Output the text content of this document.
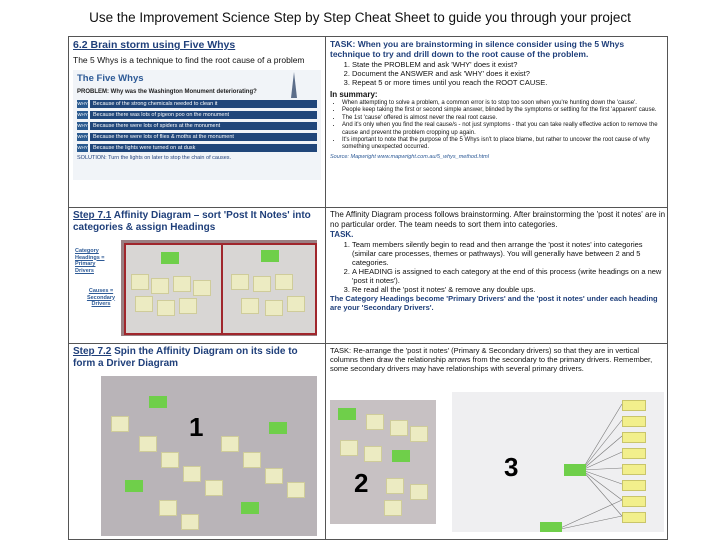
Use the Improvement Science Step by Step Cheat Sheet to guide you through your project
6.2 Brain storm using Five Whys
The 5 Whys is a technique to find the root cause of a problem
The Five Whys
PROBLEM: Why was the Washington Monument deteriorating?
WHY Because of the strong chemicals needed to clean it
WHY Because there was lots of pigeon poo on the monument
WHY Because there were lots of spiders at the monument
WHY Because there were lots of flies & moths at the monument
WHY Because the lights were turned on at dusk
SOLUTION: Turn the lights on later to stop the chain of causes.
TASK: When you are brainstorming in silence consider using the 5 Whys technique to try and drill down to the root cause of the problem.
1. State the PROBLEM and ask 'WHY' does it exist?
2. Document the ANSWER and ask 'WHY' does it exist?
3. Repeat 5 or more times until you reach the ROOT CAUSE.
In summary:
• When attempting to solve a problem, a common error is to stop too soon when you're hunting down the 'cause'.
• People keep taking the first or second simple answer, blinded by the symptoms or settling for the first 'apparent' cause.
• The 1st 'cause' offered is almost never the real root cause.
• And it's only when you find the real cause/s - not just symptoms - that you can take really effective action to remove the cause and prevent the problem cropping up again.
• It's important to note that the purpose of the 5 Whys isn't to place blame, but rather to uncover the root cause of why something unexpected occurred.
Source: Mapwright www.mapwright.com.au/5_whys_method.html
Step 7.1 Affinity Diagram – sort 'Post It Notes' into categories & assign Headings
Category Headings = Primary Drivers
Causes = Secondary Drivers
The Affinity Diagram process follows brainstorming. After brainstorming the 'post it notes' are in no particular order. The team needs to sort them into categories.
TASK.
1. Team members silently begin to read and then arrange the 'post it notes' into categories (similar care processes, themes or pathways). You will generally have between 2 and 5 categories.
2. A HEADING is assigned to each category at the end of this process (write headings on a new 'post it notes').
3. Re read all the 'post it notes' & remove any double ups.
The Category Headings become 'Primary Drivers' and the 'post it notes' under each heading are your 'Secondary Drivers'.
Step 7.2 Spin the Affinity Diagram on its side to form a Driver Diagram
1
2
3
TASK: Re-arrange the 'post it notes' (Primary & Secondary drivers) so that they are in vertical columns then draw the relationship arrows from the secondary to the primary drivers. Remember, some secondary drivers may have relationships with several primary drivers.
